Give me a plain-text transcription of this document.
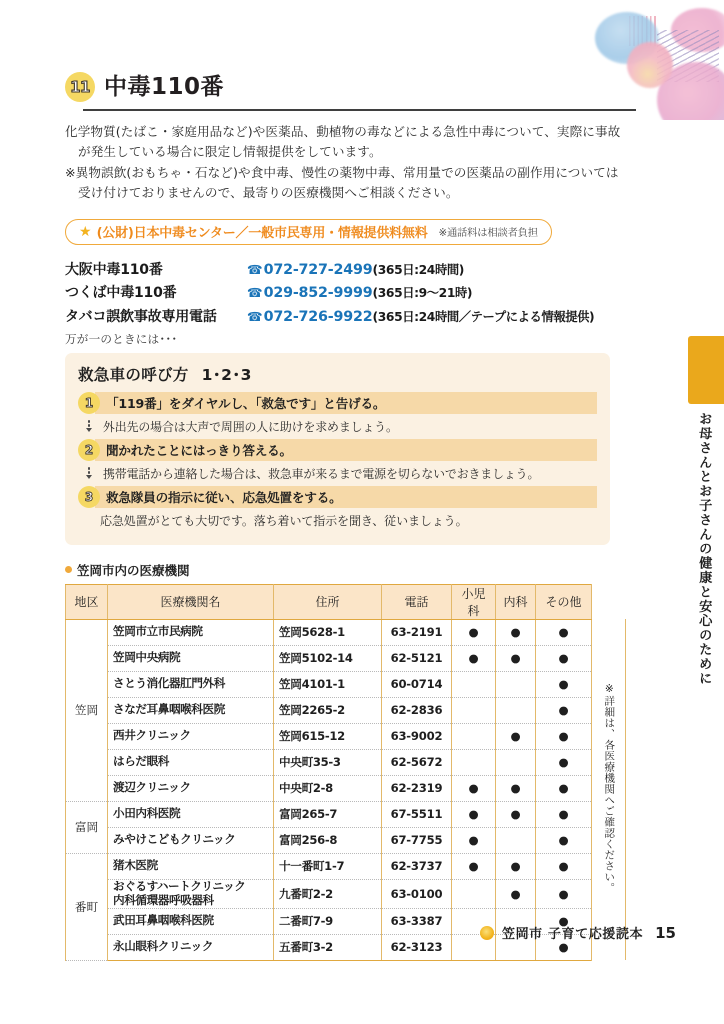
11 中毒110番

化学物質(たばこ・家庭用品など)や医薬品、動植物の毒などによる急性中毒について、実際に事故が発生している場合に限定し情報提供をしています。

※異物誤飲(おもちゃ・石など)や食中毒、慢性の薬物中毒、常用量での医薬品の副作用については受け付けておりませんので、最寄りの医療機関へご相談ください。

★ (公財)日本中毒センター／一般市民専用・情報提供料無料 ※通話料は相談者負担
大阪中毒110番	☎072-727-2499(365日:24時間)
つくば中毒110番	☎029-852-9999(365日:9〜21時)
タバコ誤飲事故専用電話	☎072-726-9922(365日:24時間／テープによる情報提供)
万が一のときには･･･
救急車の呼び方 1･2･3
1	「119番」をダイヤルし、「救急です」と告げる。
外出先の場合は大声で周囲の人に助けを求めましょう。
2	聞かれたことにはっきり答える。
携帯電話から連絡した場合は、救急車が来るまで電源を切らないでおきましょう。
3	救急隊員の指示に従い、応急処置をする。
応急処置がとても大切です。落ち着いて指示を聞き、従いましょう。
笠岡市内の医療機関
地区	医療機関名	住所	電話	小児科	内科	その他	
笠岡	笠岡市立市民病院	笠岡5628-1	63-2191	●	●	●	※詳細は、各医療機関へご確認ください。
	笠岡中央病院	笠岡5102-14	62-5121	●	●	●	
	さとう消化器肛門外科	笠岡4101-1	60-0714			●	
	さなだ耳鼻咽喉科医院	笠岡2265-2	62-2836			●	
	西井クリニック	笠岡615-12	63-9002		●	●	
	はらだ眼科	中央町35-3	62-5672			●	
	渡辺クリニック	中央町2-8	62-2319	●	●	●	
富岡	小田内科医院	富岡265-7	67-5511	●	●	●	
	みやけこどもクリニック	富岡256-8	67-7755	●		●	
番町	猪木医院	十一番町1-7	62-3737	●	●	●	
	おぐるすハートクリニック
内科循環器呼吸器科	九番町2-2	63-0100		●	●	
	武田耳鼻咽喉科医院	二番町7-9	63-3387			●	
	永山眼科クリニック	五番町3-2	62-3123			●	
お母さんとお子さんの健康と安心のために
笠岡市 子育て応援読本 15
